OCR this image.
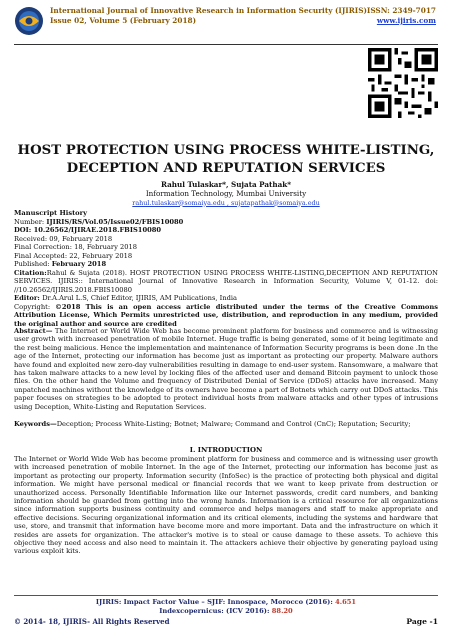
International Journal of Innovative Research in Information Security (IJIRIS)
Issue 02, Volume 5 (February 2018)
ISSN: 2349-7017
www.ijiris.com
HOST PROTECTION USING PROCESS WHITE-LISTING, DECEPTION AND REPUTATION SERVICES
Rahul Tulaskar*, Sujata Pathak*
Information Technology, Mumbai University
rahul.tulaskar@somaiya.edu , sujatapathak@somaiya.edu
Manuscript History
Number: IJIRIS/RS/Vol.05/Issue02/FBIS10080
DOI: 10.26562/IJIRAE.2018.FBIS10080
Received: 09, February 2018
Final Correction: 18, February 2018
Final Accepted: 22, February 2018
Published: February 2018
Citation:Rahul & Sujata (2018). HOST PROTECTION USING PROCESS WHITE-LISTING,DECEPTION AND REPUTATION SERVICES. IJIRIS:: International Journal of Innovative Research in Information Security, Volume V, 01-12. doi: //10.26562/IJIRIS.2018.FBIS10080
Editor: Dr.A.Arul L.S, Chief Editor, IJIRIS, AM Publications, India
Copyright: ©2018 This is an open access article distributed under the terms of the Creative Commons Attribution License, Which Permits unrestricted use, distribution, and reproduction in any medium, provided the original author and source are credited
Abstract— The Internet or World Wide Web has become prominent platform for business and commerce and is witnessing user growth with increased penetration of mobile Internet. Huge traffic is being generated, some of it being legitimate and the rest being malicious. Hence the implementation and maintenance of Information Security programs is been done .In the age of the Internet, protecting our information has become just as important as protecting our property. Malware authors have found and exploited new zero-day vulnerabilities resulting in damage to end-user system. Ransomware, a malware that has taken malware attacks to a new level by locking files of the affected user and demand Bitcoin payment to unlock those files. On the other hand the Volume and frequency of Distributed Denial of Service (DDoS) attacks have increased. Many unpatched machines without the knowledge of its owners have become a part of Botnets which carry out DDoS attacks. This paper focuses on strategies to be adopted to protect individual hosts from malware attacks and other types of intrusions using Deception, White-Listing and Reputation Services.
Keywords—Deception; Process White-Listing; Botnet; Malware; Command and Control (CnC); Reputation; Security;
I. INTRODUCTION
The Internet or World Wide Web has become prominent platform for business and commerce and is witnessing user growth with increased penetration of mobile Internet. In the age of the Internet, protecting our information has become just as important as protecting our property. Information security (InfoSec) is the practice of protecting both physical and digital information. We might have personal medical or financial records that we want to keep private from destruction or unauthorized access. Personally Identifiable Information like our Internet passwords, credit card numbers, and banking information should be guarded from getting into the wrong hands. Information is a critical resource for all organizations since information supports business continuity and commerce and helps managers and staff to make appropriate and effective decisions. Securing organizational information and its critical elements, including the systems and hardware that use, store, and transmit that information have become more and more important. Data and the infrastructure on which it resides are assets for organization. The attacker's motive is to steal or cause damage to these assets. To achieve this objective they need access and also need to maintain it. The attackers achieve their objective by generating payload using various exploit kits.
IJIRIS: Impact Factor Value – SJIF: Innospace, Morocco (2016): 4.651
Indexcopernicus: (ICV 2016): 88.20
© 2014- 18, IJIRIS- All Rights Reserved	Page -1
